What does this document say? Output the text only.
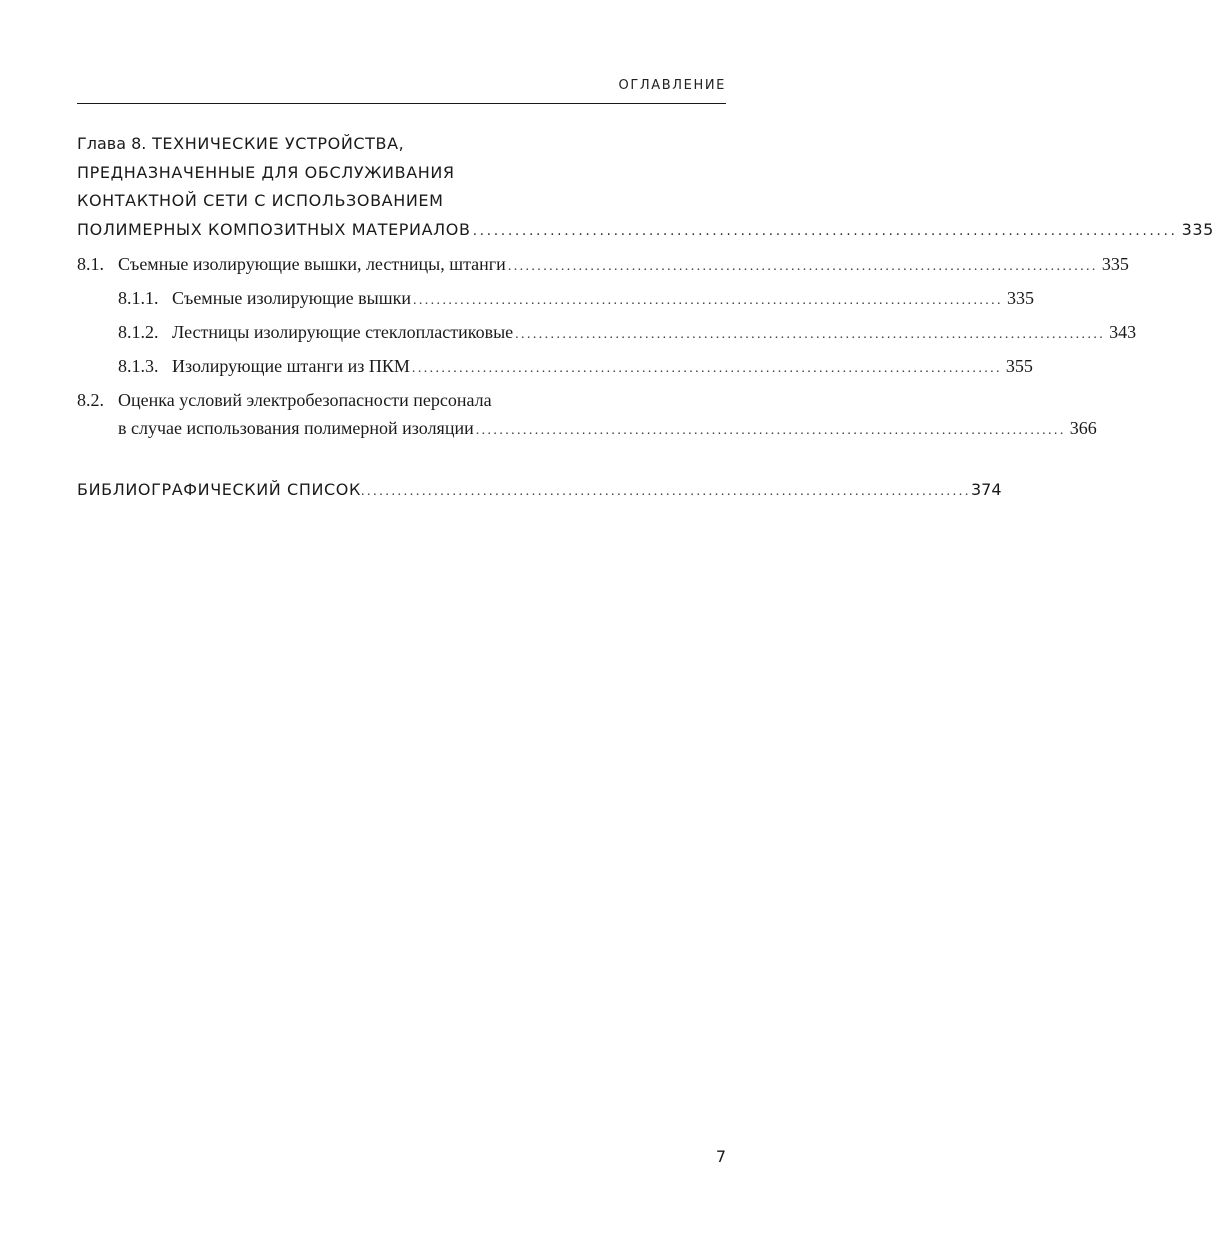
ОГЛАВЛЕНИЕ
Глава 8. ТЕХНИЧЕСКИЕ УСТРОЙСТВА,
ПРЕДНАЗНАЧЕННЫЕ ДЛЯ ОБСЛУЖИВАНИЯ
КОНТАКТНОЙ СЕТИ С ИСПОЛЬЗОВАНИЕМ
ПОЛИМЕРНЫХ КОМПОЗИТНЫХ МАТЕРИАЛОВ .................................................................................................... 335
8.1. Съемные изолирующие вышки, лестницы, штанги .................................................................................................... 335
8.1.1. Съемные изолирующие вышки .................................................................................................... 335
8.1.2. Лестницы изолирующие стеклопластиковые .................................................................................................... 343
8.1.3. Изолирующие штанги из ПКМ .................................................................................................... 355
8.2. Оценка условий электробезопасности персонала
в случае использования полимерной изоляции .................................................................................................... 366
БИБЛИОГРАФИЧЕСКИЙ СПИСОК .................................................................................................... 374
7
